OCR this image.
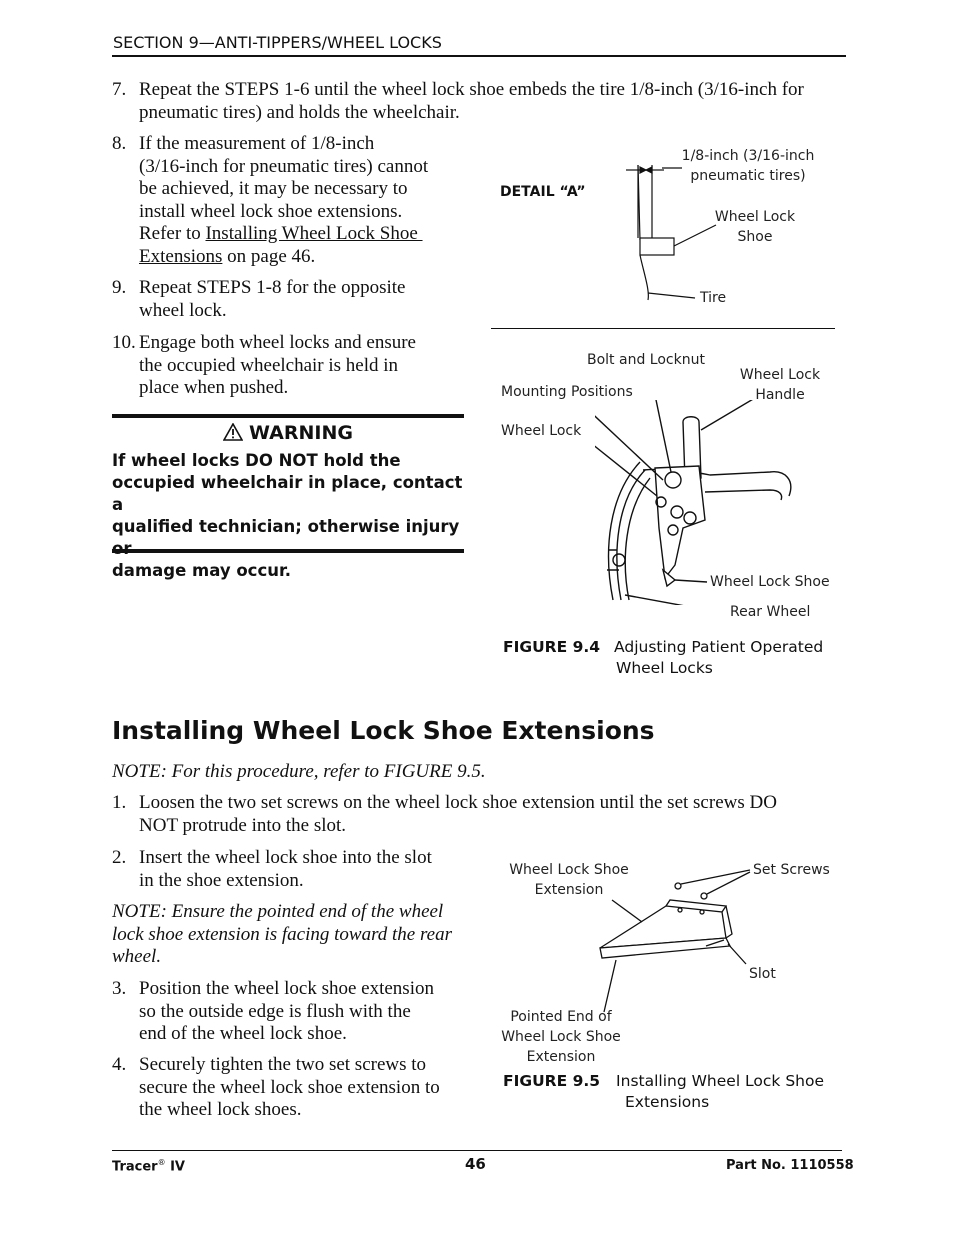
SECTION 9—ANTI-TIPPERS/WHEEL LOCKS
7. Repeat the STEPS 1-6 until the wheel lock shoe embeds the tire 1/8-inch (3/16-inch for
pneumatic tires) and holds the wheelchair.
8. If the measurement of 1/8-inch
(3/16-inch for pneumatic tires) cannot
be achieved, it may be necessary to
install wheel lock shoe extensions.
Refer to Installing Wheel Lock Shoe
Extensions on page 46.
9. Repeat STEPS 1-8 for the opposite
wheel lock.
10. Engage both wheel locks and ensure
the occupied wheelchair is held in
place when pushed.
WARNING
If wheel locks DO NOT hold the
occupied wheelchair in place, contact a
qualified technician; otherwise injury
damage may occur.
DETAIL “A”
1/8-inch (3/16-inch
pneumatic tires)
Wheel Lock
Shoe
Tire
Bolt and Locknut
Mounting Positions
Wheel Lock
Handle
Wheel Lock
Wheel Lock Shoe
Rear Wheel
FIGURE 9.4 Adjusting Patient Operated
Wheel Locks
Installing Wheel Lock Shoe Extensions
NOTE: For this procedure, refer to FIGURE 9.5.
1. Loosen the two set screws on the wheel lock shoe extension until the set screws DO
NOT protrude into the slot.
2. Insert the wheel lock shoe into the slot
in the shoe extension.
NOTE: Ensure the pointed end of the wheel
lock shoe extension is facing toward the rear
wheel.
3. Position the wheel lock shoe extension
so the outside edge is flush with the
end of the wheel lock shoe.
4. Securely tighten the two set screws to
secure the wheel lock shoe extension to
the wheel lock shoes.
Wheel Lock Shoe
Extension
Set Screws
Slot
Pointed End of
Wheel Lock Shoe
Extension
FIGURE 9.5 Installing Wheel Lock Shoe
Extensions
Tracer® IV	46	Part No. 1110558
